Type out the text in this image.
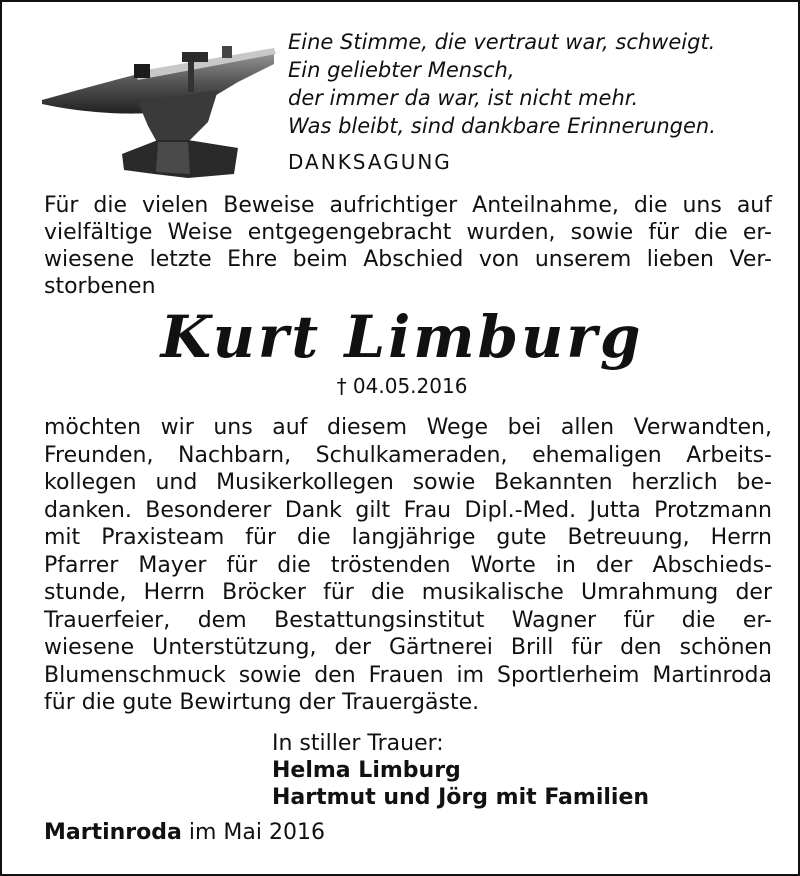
Eine Stimme, die vertraut war, schweigt.
Ein geliebter Mensch,
der immer da war, ist nicht mehr.
Was bleibt, sind dankbare Erinnerungen.
DANKSAGUNG
Für die vielen Beweise aufrichtiger Anteilnahme, die uns auf
vielfältige Weise entgegengebracht wurden, sowie für die er-
wiesene letzte Ehre beim Abschied von unserem lieben Ver-
storbenen
Kurt Limburg
† 04.05.2016
möchten wir uns auf diesem Wege bei allen Verwandten,
Freunden, Nachbarn, Schulkameraden, ehemaligen Arbeits-
kollegen und Musikerkollegen sowie Bekannten herzlich be-
danken. Besonderer Dank gilt Frau Dipl.-Med. Jutta Protzmann
mit Praxisteam für die langjährige gute Betreuung, Herrn
Pfarrer Mayer für die tröstenden Worte in der Abschieds-
stunde, Herrn Bröcker für die musikalische Umrahmung der
Trauerfeier, dem Bestattungsinstitut Wagner für die er-
wiesene Unterstützung, der Gärtnerei Brill für den schönen
Blumenschmuck sowie den Frauen im Sportlerheim Martinroda
für die gute Bewirtung der Trauergäste.
In stiller Trauer:
Helma Limburg
Hartmut und Jörg mit Familien
Martinroda im Mai 2016
